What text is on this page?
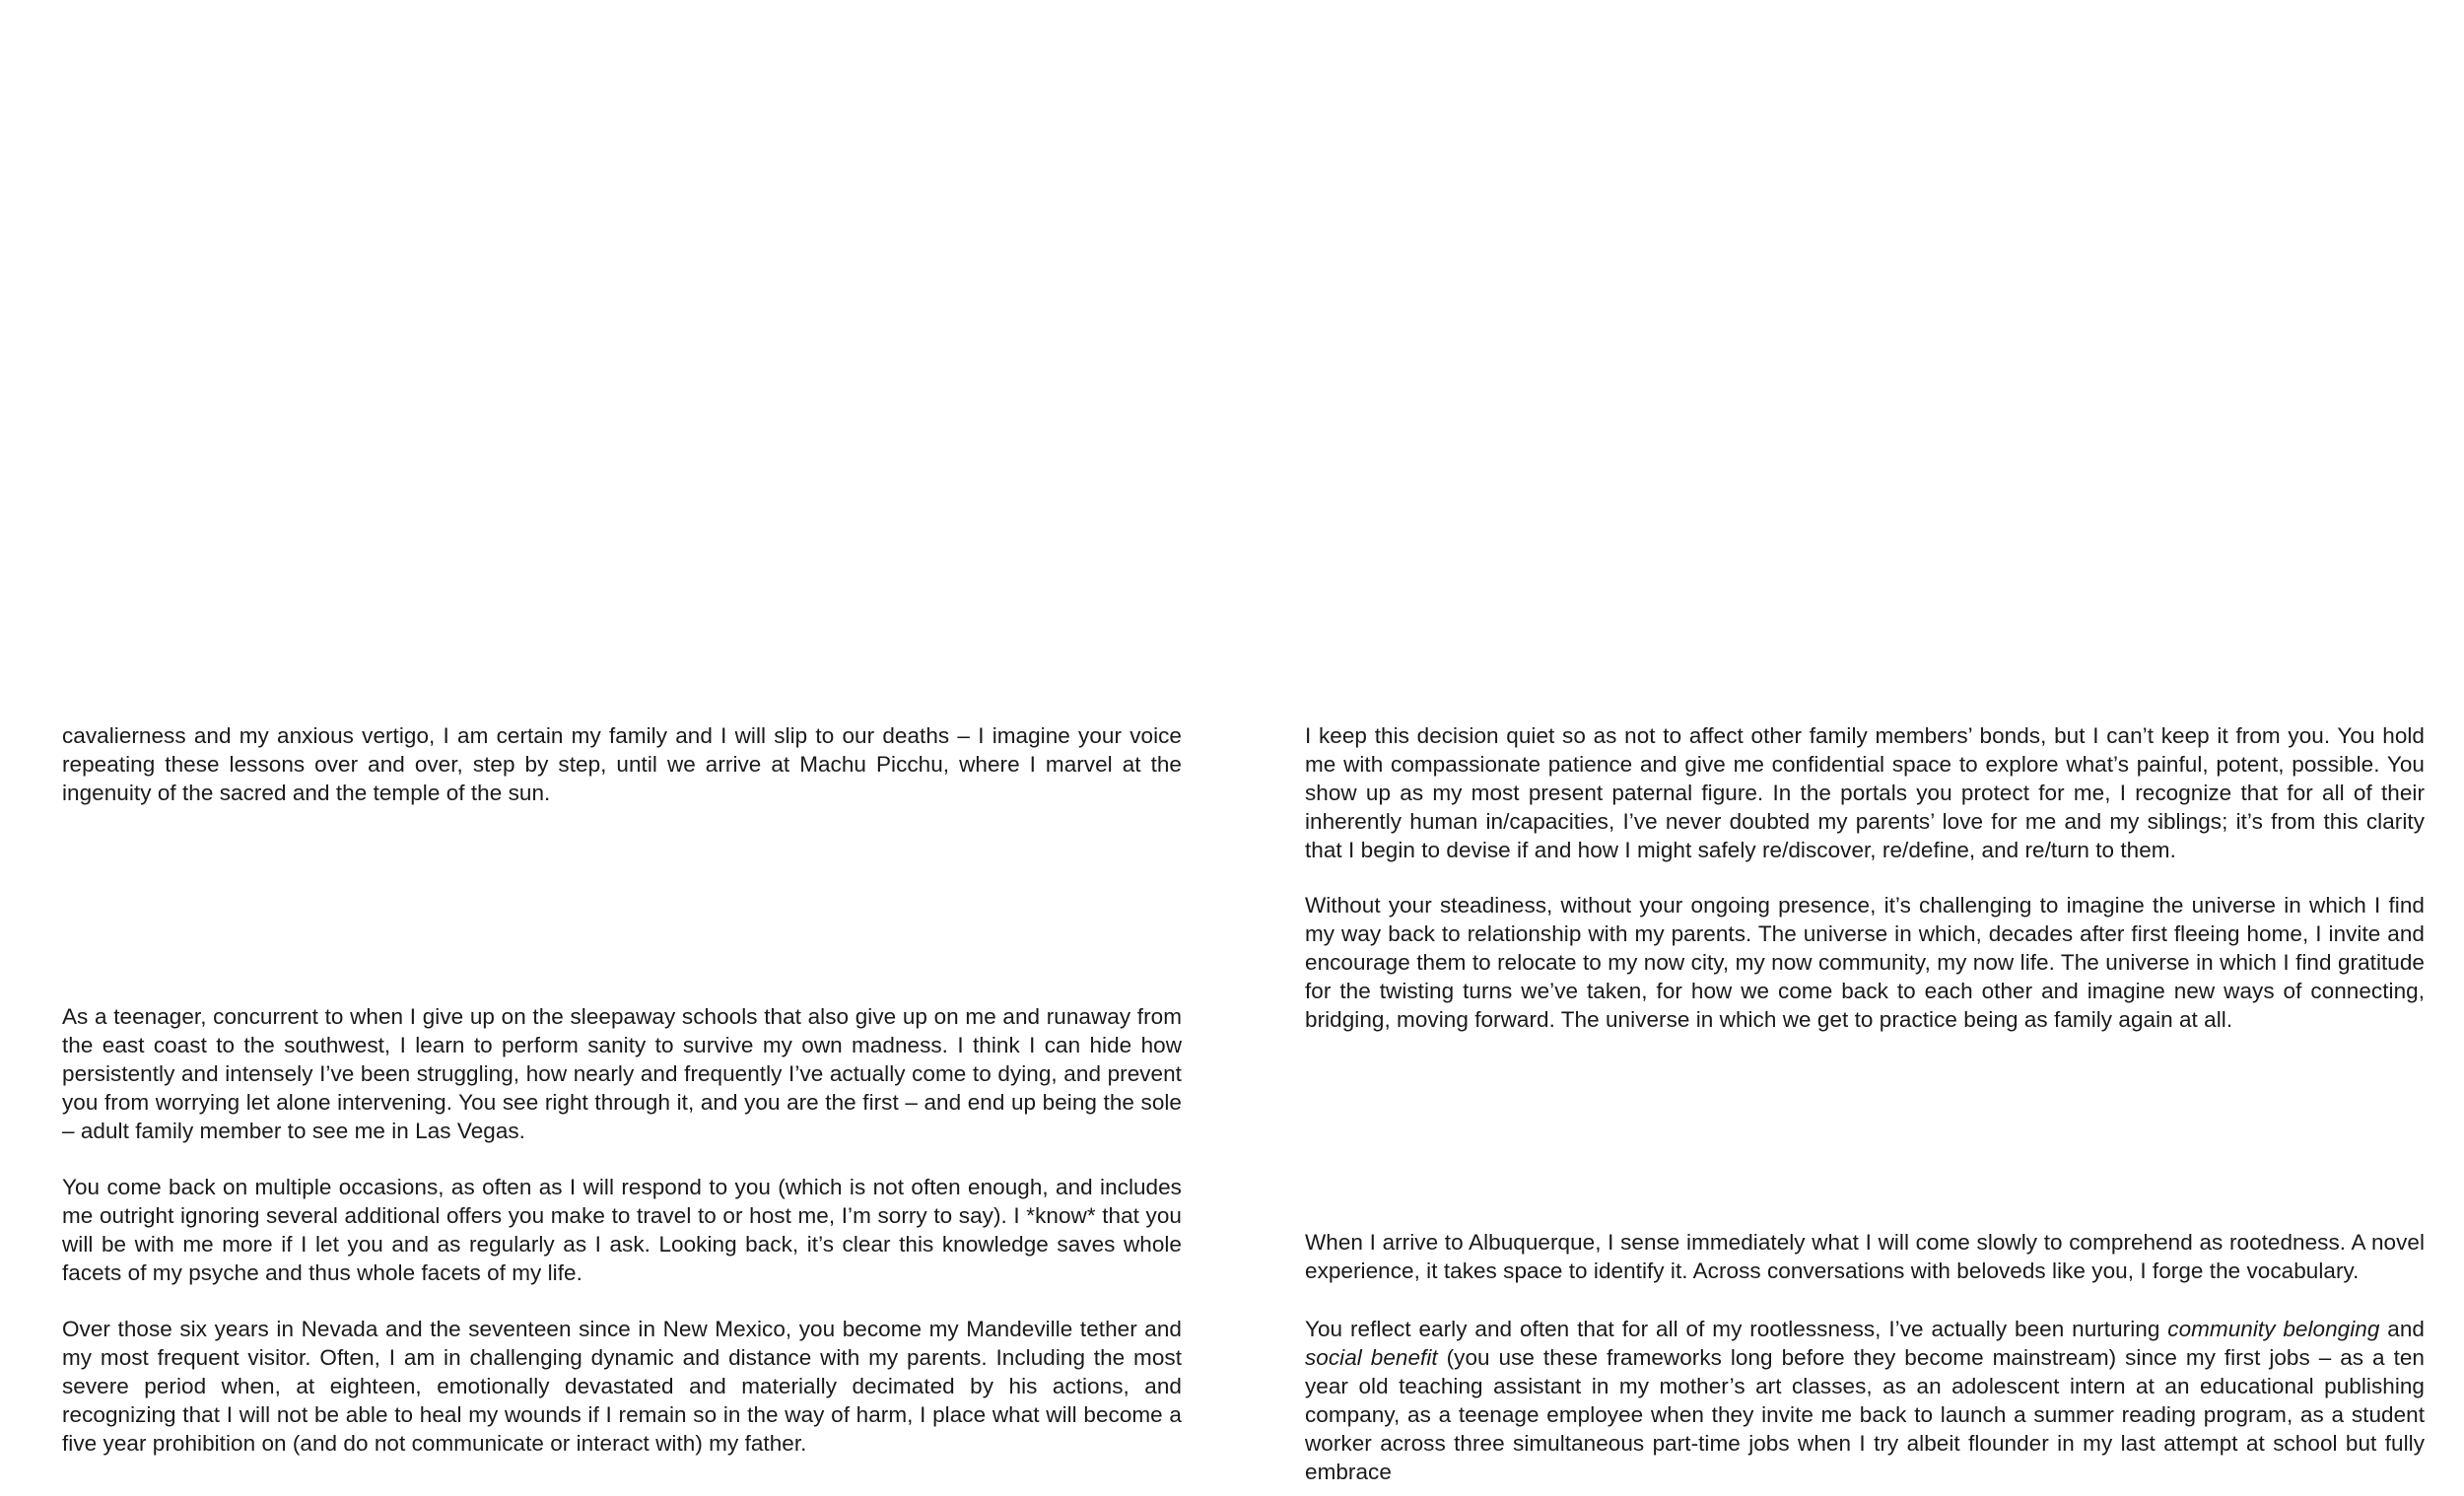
cavalierness and my anxious vertigo, I am certain my family and I will slip to our deaths – I imagine your voice repeating these lessons over and over, step by step, until we arrive at Machu Picchu, where I marvel at the ingenuity of the sacred and the temple of the sun.

As a teenager, concurrent to when I give up on the sleepaway schools that also give up on me and runaway from the east coast to the southwest, I learn to perform sanity to survive my own madness. I think I can hide how persistently and intensely I’ve been struggling, how nearly and frequently I’ve actually come to dying, and prevent you from worrying let alone intervening. You see right through it, and you are the first – and end up being the sole – adult family member to see me in Las Vegas.

You come back on multiple occasions, as often as I will respond to you (which is not often enough, and includes me outright ignoring several additional offers you make to travel to or host me, I’m sorry to say). I *know* that you will be with me more if I let you and as regularly as I ask. Looking back, it’s clear this knowledge saves whole facets of my psyche and thus whole facets of my life.

Over those six years in Nevada and the seventeen since in New Mexico, you become my Mandeville tether and my most frequent visitor. Often, I am in challenging dynamic and distance with my parents. Including the most severe period when, at eighteen, emotionally devastated and materially decimated by his actions, and recognizing that I will not be able to heal my wounds if I remain so in the way of harm, I place what will become a five year prohibition on (and do not communicate or interact with) my father.

I keep this decision quiet so as not to affect other family members’ bonds, but I can’t keep it from you. You hold me with compassionate patience and give me confidential space to explore what’s painful, potent, possible. You show up as my most present paternal figure. In the portals you protect for me, I recognize that for all of their inherently human in/capacities, I’ve never doubted my parents’ love for me and my siblings; it’s from this clarity that I begin to devise if and how I might safely re/discover, re/define, and re/turn to them.

Without your steadiness, without your ongoing presence, it’s challenging to imagine the universe in which I find my way back to relationship with my parents. The universe in which, decades after first fleeing home, I invite and encourage them to relocate to my now city, my now community, my now life. The universe in which I find gratitude for the twisting turns we’ve taken, for how we come back to each other and imagine new ways of connecting, bridging, moving forward. The universe in which we get to practice being as family again at all.

When I arrive to Albuquerque, I sense immediately what I will come slowly to comprehend as rootedness. A novel experience, it takes space to identify it. Across conversations with beloveds like you, I forge the vocabulary.

You reflect early and often that for all of my rootlessness, I’ve actually been nurturing community belonging and social benefit (you use these frameworks long before they become mainstream) since my first jobs – as a ten year old teaching assistant in my mother’s art classes, as an adolescent intern at an educational publishing company, as a teenage employee when they invite me back to launch a summer reading program, as a student worker across three simultaneous part-time jobs when I try albeit flounder in my last attempt at school but fully embrace
